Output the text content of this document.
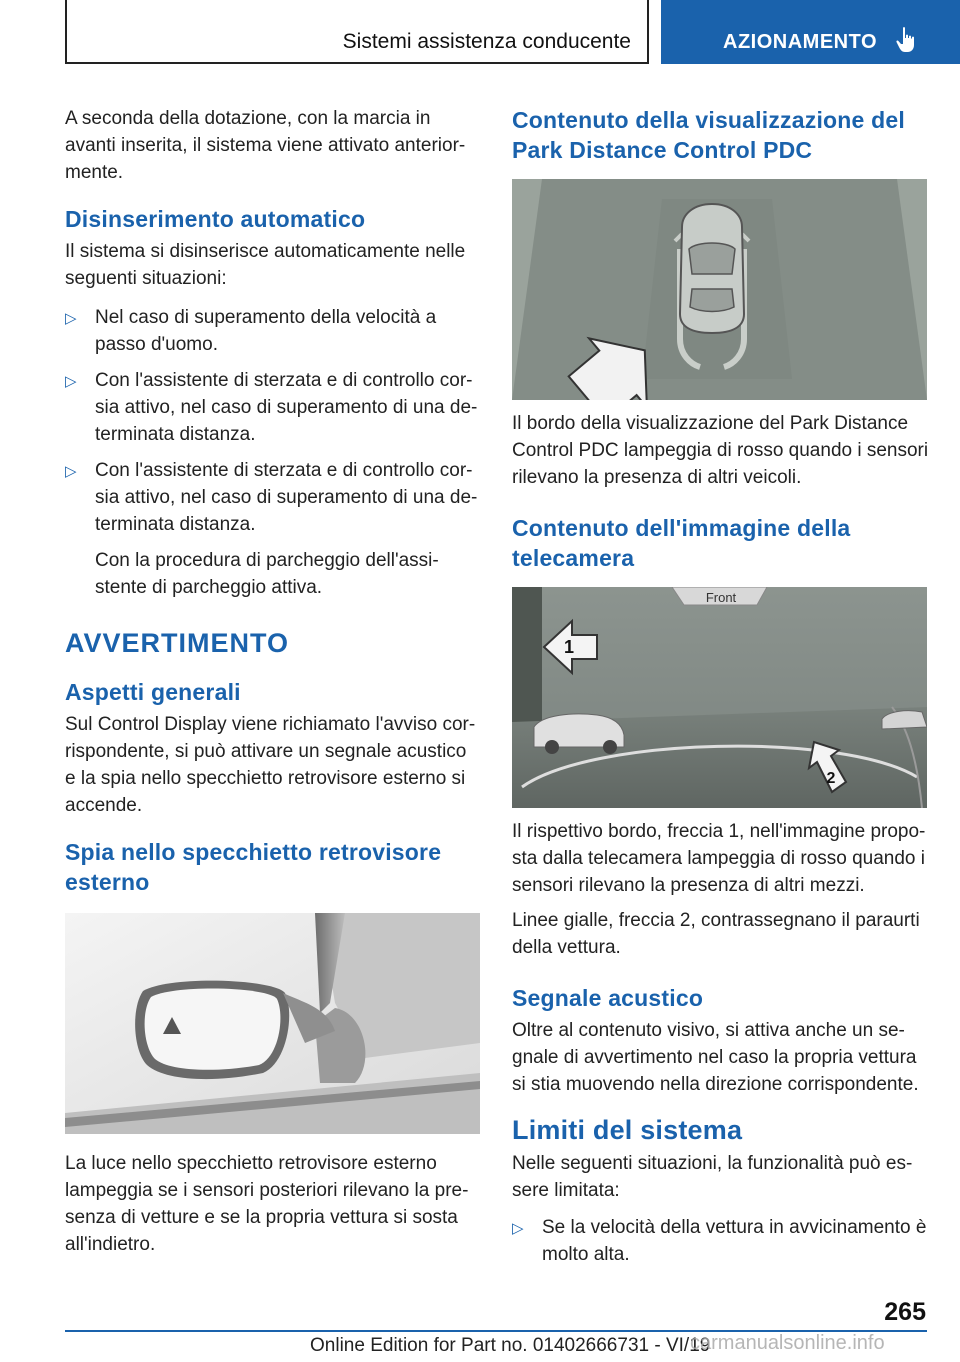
Sistemi assistenza conducente	AZIONAMENTO

A seconda della dotazione, con la marcia in avanti inserita, il sistema viene attivato anteriormente.

Disinserimento automatico

Il sistema si disinserisce automaticamente nelle seguenti situazioni:

▷ Nel caso di superamento della velocità a passo d'uomo.
▷ Con l'assistente di sterzata e di controllo corsia attivo, nel caso di superamento di una determinata distanza.
▷ Con l'assistente di sterzata e di controllo corsia attivo, nel caso di superamento di una determinata distanza.

Con la procedura di parcheggio dell'assistente di parcheggio attiva.

AVVERTIMENTO
Aspetti generali

Sul Control Display viene richiamato l'avviso corrispondente, si può attivare un segnale acustico e la spia nello specchietto retrovisore esterno si accende.

Spia nello specchietto retrovisore esterno

La luce nello specchietto retrovisore esterno lampeggia se i sensori posteriori rilevano la presenza di vetture e se la propria vettura si sosta all'indietro.

Contenuto della visualizzazione del Park Distance Control PDC

Il bordo della visualizzazione del Park Distance Control PDC lampeggia di rosso quando i sensori rilevano la presenza di altri veicoli.

Contenuto dell'immagine della telecamera
Front
1
2

Il rispettivo bordo, freccia 1, nell'immagine proposta dalla telecamera lampeggia di rosso quando i sensori rilevano la presenza di altri mezzi.

Linee gialle, freccia 2, contrassegnano il paraurti della vettura.

Segnale acustico

Oltre al contenuto visivo, si attiva anche un segnale di avvertimento nel caso la propria vettura si stia muovendo nella direzione corrispondente.

Limiti del sistema

Nelle seguenti situazioni, la funzionalità può essere limitata:

▷ Se la velocità della vettura in avvicinamento è molto alta.
265
Online Edition for Part no. 01402666731 - VI/19
carmanualsonline.info
